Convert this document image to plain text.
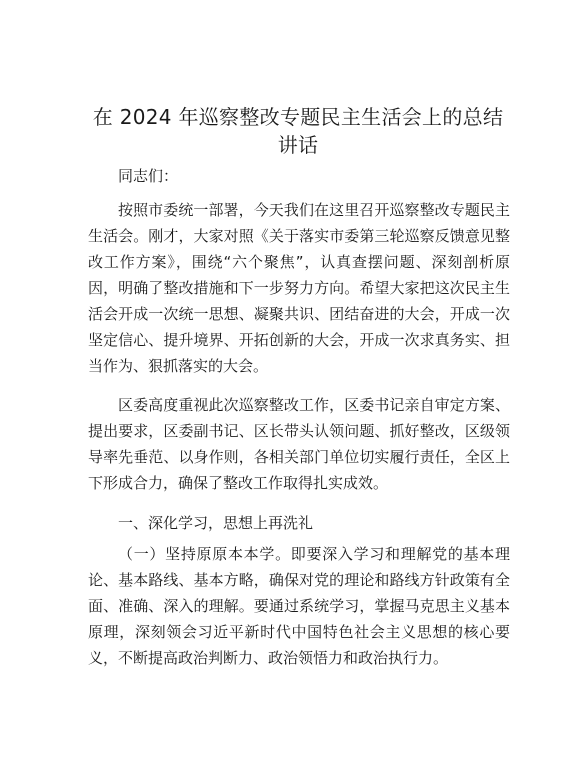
在 2024 年巡察整改专题民主生活会上的总结讲话

同志们：

按照市委统一部署，今天我们在这里召开巡察整改专题民主生活会。刚才，大家对照《关于落实市委第三轮巡察反馈意见整改工作方案》，围绕“六个聚焦”，认真查摆问题、深刻剖析原因，明确了整改措施和下一步努力方向。希望大家把这次民主生活会开成一次统一思想、凝聚共识、团结奋进的大会，开成一次坚定信心、提升境界、开拓创新的大会，开成一次求真务实、担当作为、狠抓落实的大会。

区委高度重视此次巡察整改工作，区委书记亲自审定方案、提出要求，区委副书记、区长带头认领问题、抓好整改，区级领导率先垂范、以身作则，各相关部门单位切实履行责任，全区上下形成合力，确保了整改工作取得扎实成效。

一、深化学习，思想上再洗礼

（一）坚持原原本本学。即要深入学习和理解党的基本理论、基本路线、基本方略，确保对党的理论和路线方针政策有全面、准确、深入的理解。要通过系统学习，掌握马克思主义基本原理，深刻领会习近平新时代中国特色社会主义思想的核心要义，不断提高政治判断力、政治领悟力和政治执行力。
